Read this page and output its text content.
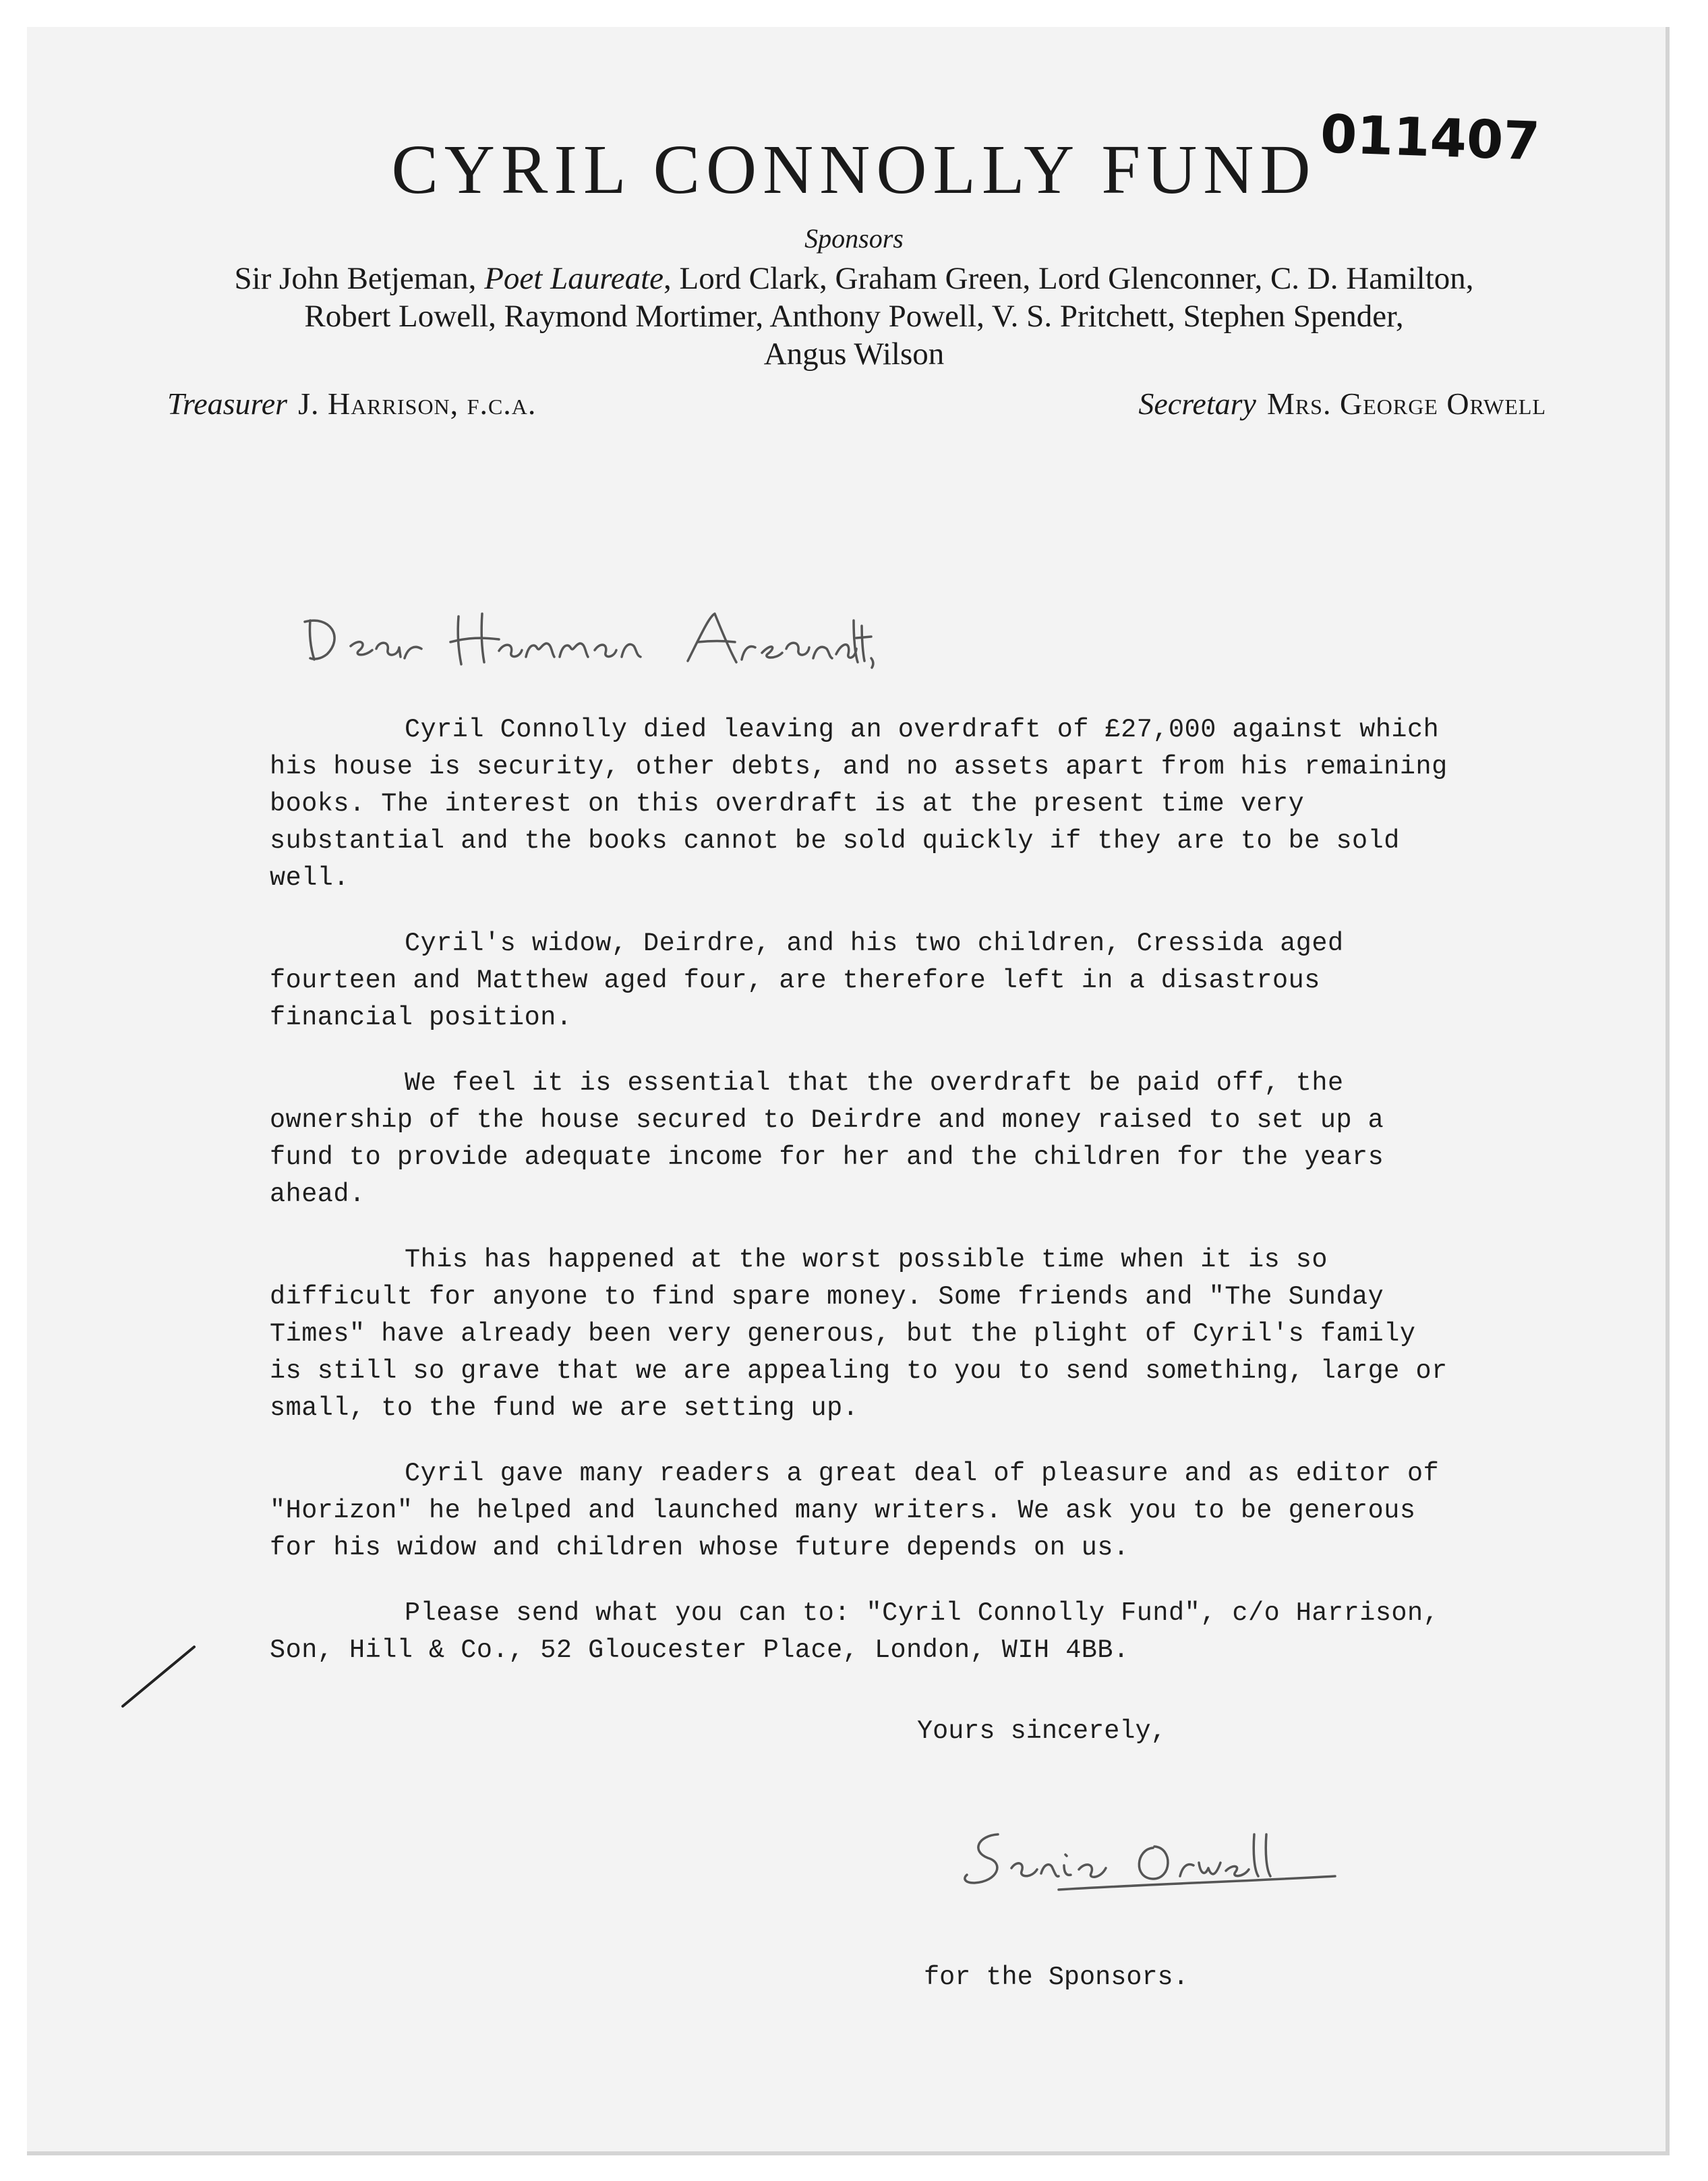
CYRIL CONNOLLY FUND 011407
Sponsors
Sir John Betjeman, Poet Laureate, Lord Clark, Graham Green, Lord Glenconner, C. D. Hamilton,
Robert Lowell, Raymond Mortimer, Anthony Powell, V. S. Pritchett, Stephen Spender,
Angus Wilson
Treasurer J. Harrison, f.c.a.	Secretary Mrs. George Orwell

Cyril Connolly died leaving an overdraft of £27,000 against which his house is security, other debts, and no assets apart from his remaining books. The interest on this overdraft is at the present time very substantial and the books cannot be sold quickly if they are to be sold well.

Cyril's widow, Deirdre, and his two children, Cressida aged fourteen and Matthew aged four, are therefore left in a disastrous financial position.

We feel it is essential that the overdraft be paid off, the ownership of the house secured to Deirdre and money raised to set up a fund to provide adequate income for her and the children for the years ahead.

This has happened at the worst possible time when it is so difficult for anyone to find spare money. Some friends and "The Sunday Times" have already been very generous, but the plight of Cyril's family is still so grave that we are appealing to you to send something, large or small, to the fund we are setting up.

Cyril gave many readers a great deal of pleasure and as editor of "Horizon" he helped and launched many writers. We ask you to be generous for his widow and children whose future depends on us.

Please send what you can to: "Cyril Connolly Fund", c/o Harrison, Son, Hill & Co., 52 Gloucester Place, London, WIH 4BB.

Yours sincerely,
for the Sponsors.
